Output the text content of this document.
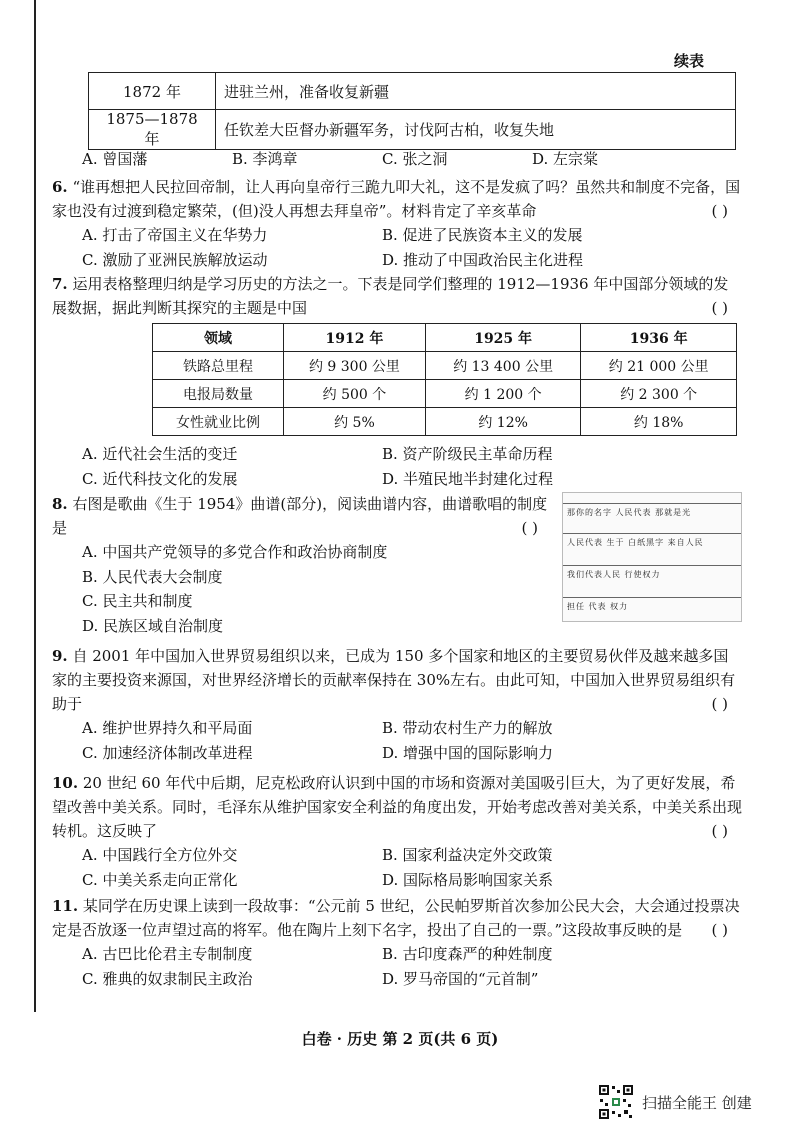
续表
1872 年	进驻兰州，准备收复新疆
1875—1878 年	任钦差大臣督办新疆军务，讨伐阿古柏，收复失地
A. 曾国藩	B. 李鸿章	C. 张之洞	D. 左宗棠

6. “谁再想把人民拉回帝制，让人再向皇帝行三跪九叩大礼，这不是发疯了吗？虽然共和制度不完备，国家也没有过渡到稳定繁荣，(但)没人再想去拜皇帝”。材料肯定了辛亥革命	( )

A. 打击了帝国主义在华势力	B. 促进了民族资本主义的发展
C. 激励了亚洲民族解放运动	D. 推动了中国政治民主化进程

7. 运用表格整理归纳是学习历史的方法之一。下表是同学们整理的 1912—1936 年中国部分领域的发展数据，据此判断其探究的主题是中国	( )

领域	1912 年	1925 年	1936 年
铁路总里程	约 9 300 公里	约 13 400 公里	约 21 000 公里
电报局数量	约 500 个	约 1 200 个	约 2 300 个
女性就业比例	约 5%	约 12%	约 18%
A. 近代社会生活的变迁	B. 资产阶级民主革命历程
C. 近代科技文化的发展	D. 半殖民地半封建化过程

8. 右图是歌曲《生于 1954》曲谱(部分)，阅读曲谱内容，曲谱歌唱的制度是	( )

A. 中国共产党领导的多党合作和政治协商制度
B. 人民代表大会制度
C. 民主共和制度
D. 民族区域自治制度
那你的名字 人民代表 那就是光
人民代表 生于 白纸黑字 来自人民
我们代表人民 行使权力
担任 代表 权力

9. 自 2001 年中国加入世界贸易组织以来，已成为 150 多个国家和地区的主要贸易伙伴及越来越多国家的主要投资来源国，对世界经济增长的贡献率保持在 30%左右。由此可知，中国加入世界贸易组织有助于	( )

A. 维护世界持久和平局面	B. 带动农村生产力的解放
C. 加速经济体制改革进程	D. 增强中国的国际影响力

10. 20 世纪 60 年代中后期，尼克松政府认识到中国的市场和资源对美国吸引巨大，为了更好发展，希望改善中美关系。同时，毛泽东从维护国家安全利益的角度出发，开始考虑改善对美关系，中美关系出现转机。这反映了	( )

A. 中国践行全方位外交	B. 国家利益决定外交政策
C. 中美关系走向正常化	D. 国际格局影响国家关系

11. 某同学在历史课上读到一段故事：“公元前 5 世纪，公民帕罗斯首次参加公民大会，大会通过投票决定是否放逐一位声望过高的将军。他在陶片上刻下名字，投出了自己的一票。”这段故事反映的是 ( )

A. 古巴比伦君主专制制度	B. 古印度森严的种姓制度
C. 雅典的奴隶制民主政治	D. 罗马帝国的“元首制”
白卷 · 历史 第 2 页(共 6 页)
扫描全能王 创建
